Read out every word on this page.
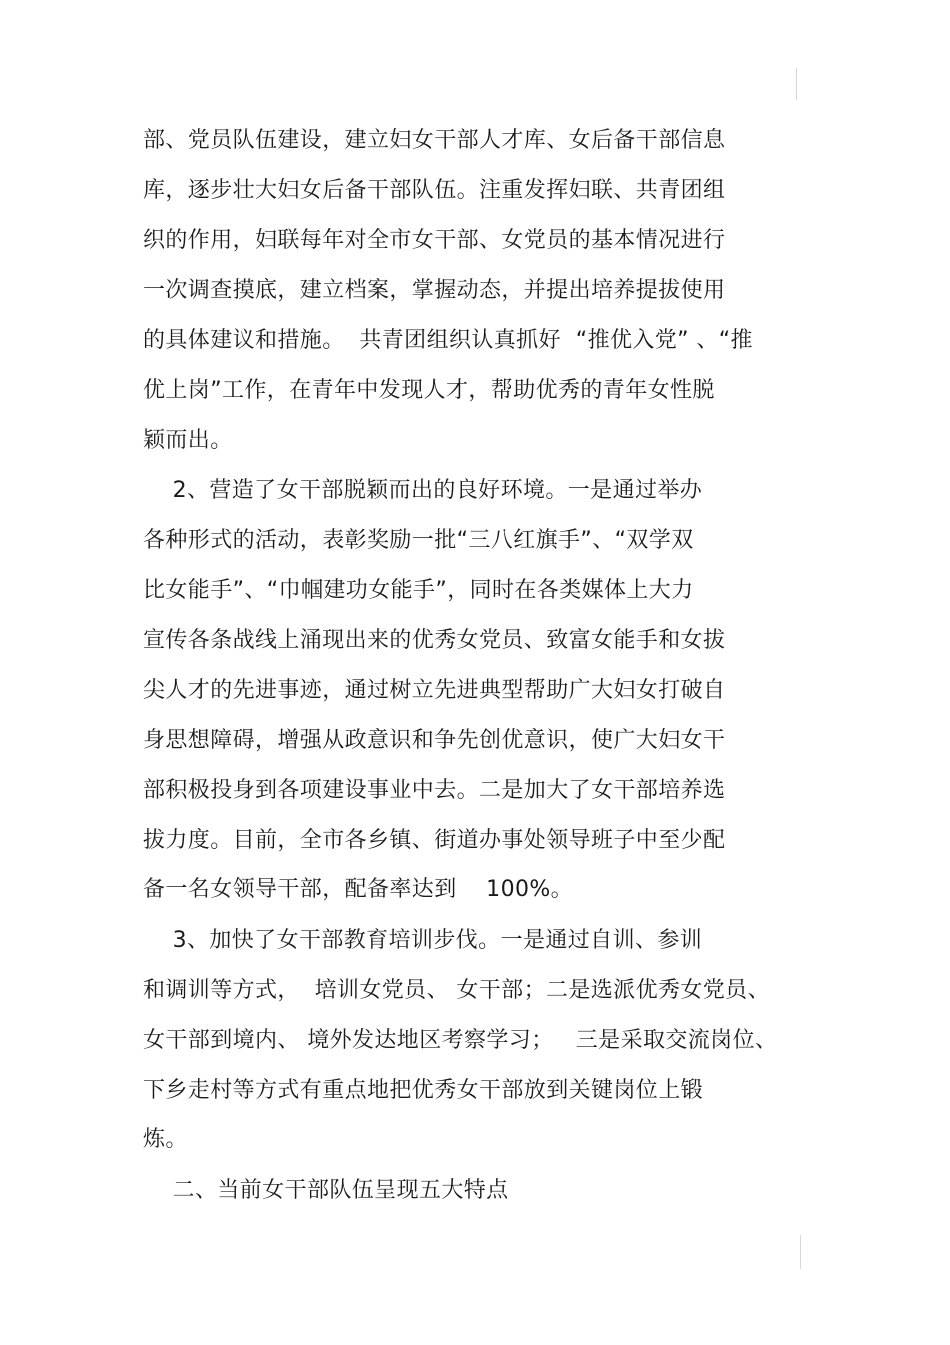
部、党员队伍建设，建立妇女干部人才库、女后备干部信息
库，逐步壮大妇女后备干部队伍。注重发挥妇联、共青团组
织的作用，妇联每年对全市女干部、女党员的基本情况进行
一次调查摸底，建立档案，掌握动态，并提出培养提拔使用
的具体建议和措施。  共青团组织认真抓好  “推优入党” 、“推
优上岗”工作，在青年中发现人才，帮助优秀的青年女性脱
颖而出。
2、营造了女干部脱颖而出的良好环境。一是通过举办
各种形式的活动，表彰奖励一批“三八红旗手”、“双学双
比女能手”、“巾帼建功女能手”，同时在各类媒体上大力
宣传各条战线上涌现出来的优秀女党员、致富女能手和女拔
尖人才的先进事迹，通过树立先进典型帮助广大妇女打破自
身思想障碍，增强从政意识和争先创优意识，使广大妇女干
部积极投身到各项建设事业中去。二是加大了女干部培养选
拔力度。目前，全市各乡镇、街道办事处领导班子中至少配
备一名女领导干部，配备率达到    100%。
3、加快了女干部教育培训步伐。一是通过自训、参训
和调训等方式，  培训女党员、 女干部；二是选派优秀女党员、
女干部到境内、 境外发达地区考察学习；   三是采取交流岗位、
下乡走村等方式有重点地把优秀女干部放到关键岗位上锻
炼。
二、当前女干部队伍呈现五大特点
